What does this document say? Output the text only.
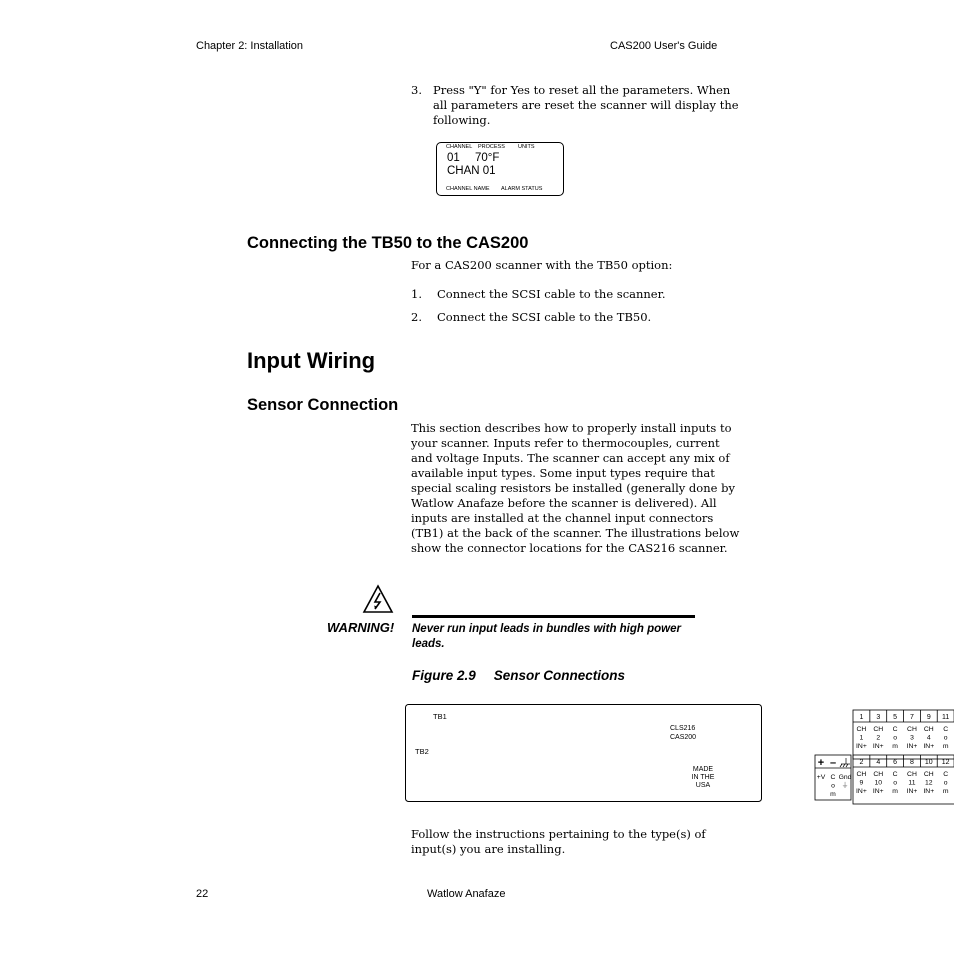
Chapter 2: Installation	CAS200 User's Guide
3. Press "Y" for Yes to reset all the parameters. When all parameters are reset the scanner will display the following.
CHANNEL PROCESS UNITS
01 70°F
CHAN 01
CHANNEL NAME ALARM STATUS
Connecting the TB50 to the CAS200
For a CAS200 scanner with the TB50 option:
1. Connect the SCSI cable to the scanner.
2. Connect the SCSI cable to the TB50.
Input Wiring
Sensor Connection
This section describes how to properly install inputs to your scanner. Inputs refer to thermocouples, current and voltage Inputs. The scanner can accept any mix of available input types. Some input types require that special scaling resistors be installed (generally done by Watlow Anafaze before the scanner is delivered). All inputs are installed at the channel input connectors (TB1) at the back of the scanner. The illustrations below show the connector locations for the CAS216 scanner.
WARNING! Never run input leads in bundles with high power leads.
Figure 2.9 Sensor Connections
TB1
TB2
1
CH 1 IN+
3
CH 2 IN+
5
C o m
7
CH 3 IN+
9
CH 4 IN+
11
C o m
2
CH 9 IN+
4
CH 10 IN+
6
C o m
8
CH 11 IN+
10
CH 12 IN+
12
C o m
+ –
+V C o m
Gnd ⏚
CLS216 CAS200
MADE IN THE USA
Follow the instructions pertaining to the type(s) of input(s) you are installing.
22	Watlow Anafaze
